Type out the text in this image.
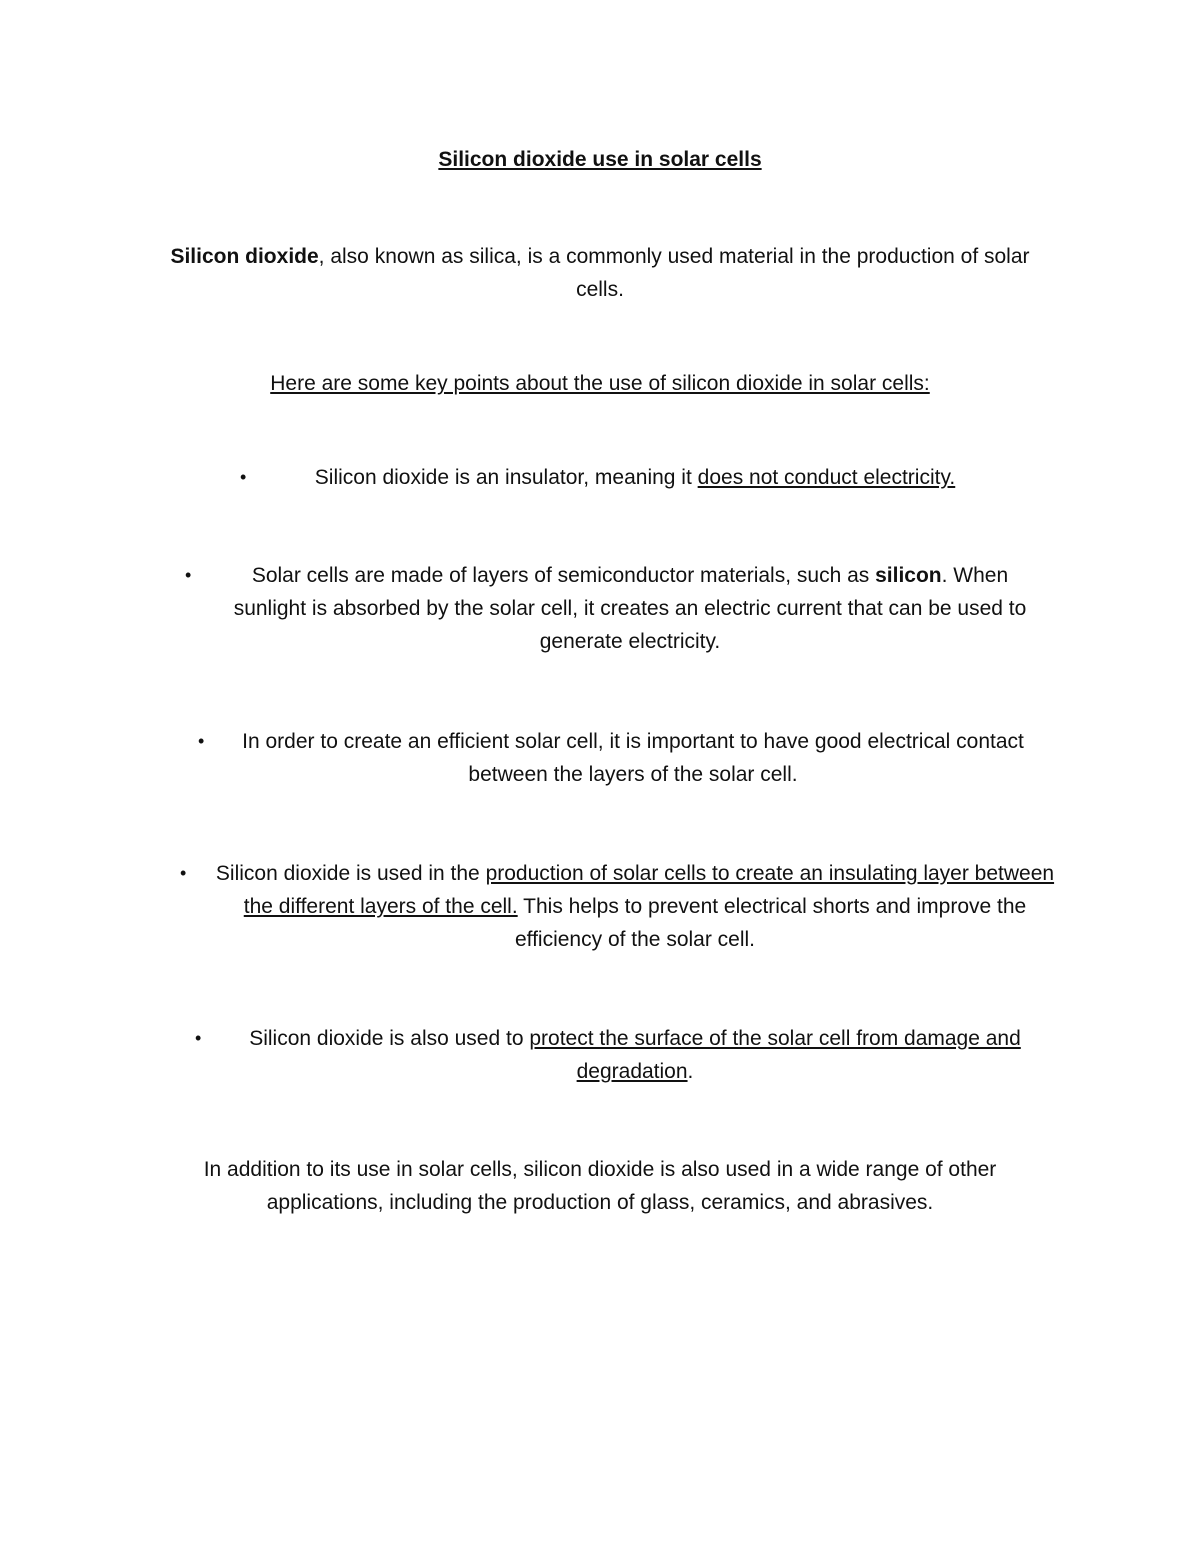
Silicon dioxide use in solar cells
Silicon dioxide, also known as silica, is a commonly used material in the production of solar cells.
Here are some key points about the use of silicon dioxide in solar cells:
•	Silicon dioxide is an insulator, meaning it does not conduct electricity.
•	Solar cells are made of layers of semiconductor materials, such as silicon. When sunlight is absorbed by the solar cell, it creates an electric current that can be used to generate electricity.
•	In order to create an efficient solar cell, it is important to have good electrical contact between the layers of the solar cell.
•	Silicon dioxide is used in the production of solar cells to create an insulating layer between the different layers of the cell. This helps to prevent electrical shorts and improve the efficiency of the solar cell.
•	Silicon dioxide is also used to protect the surface of the solar cell from damage and degradation.
In addition to its use in solar cells, silicon dioxide is also used in a wide range of other applications, including the production of glass, ceramics, and abrasives.
